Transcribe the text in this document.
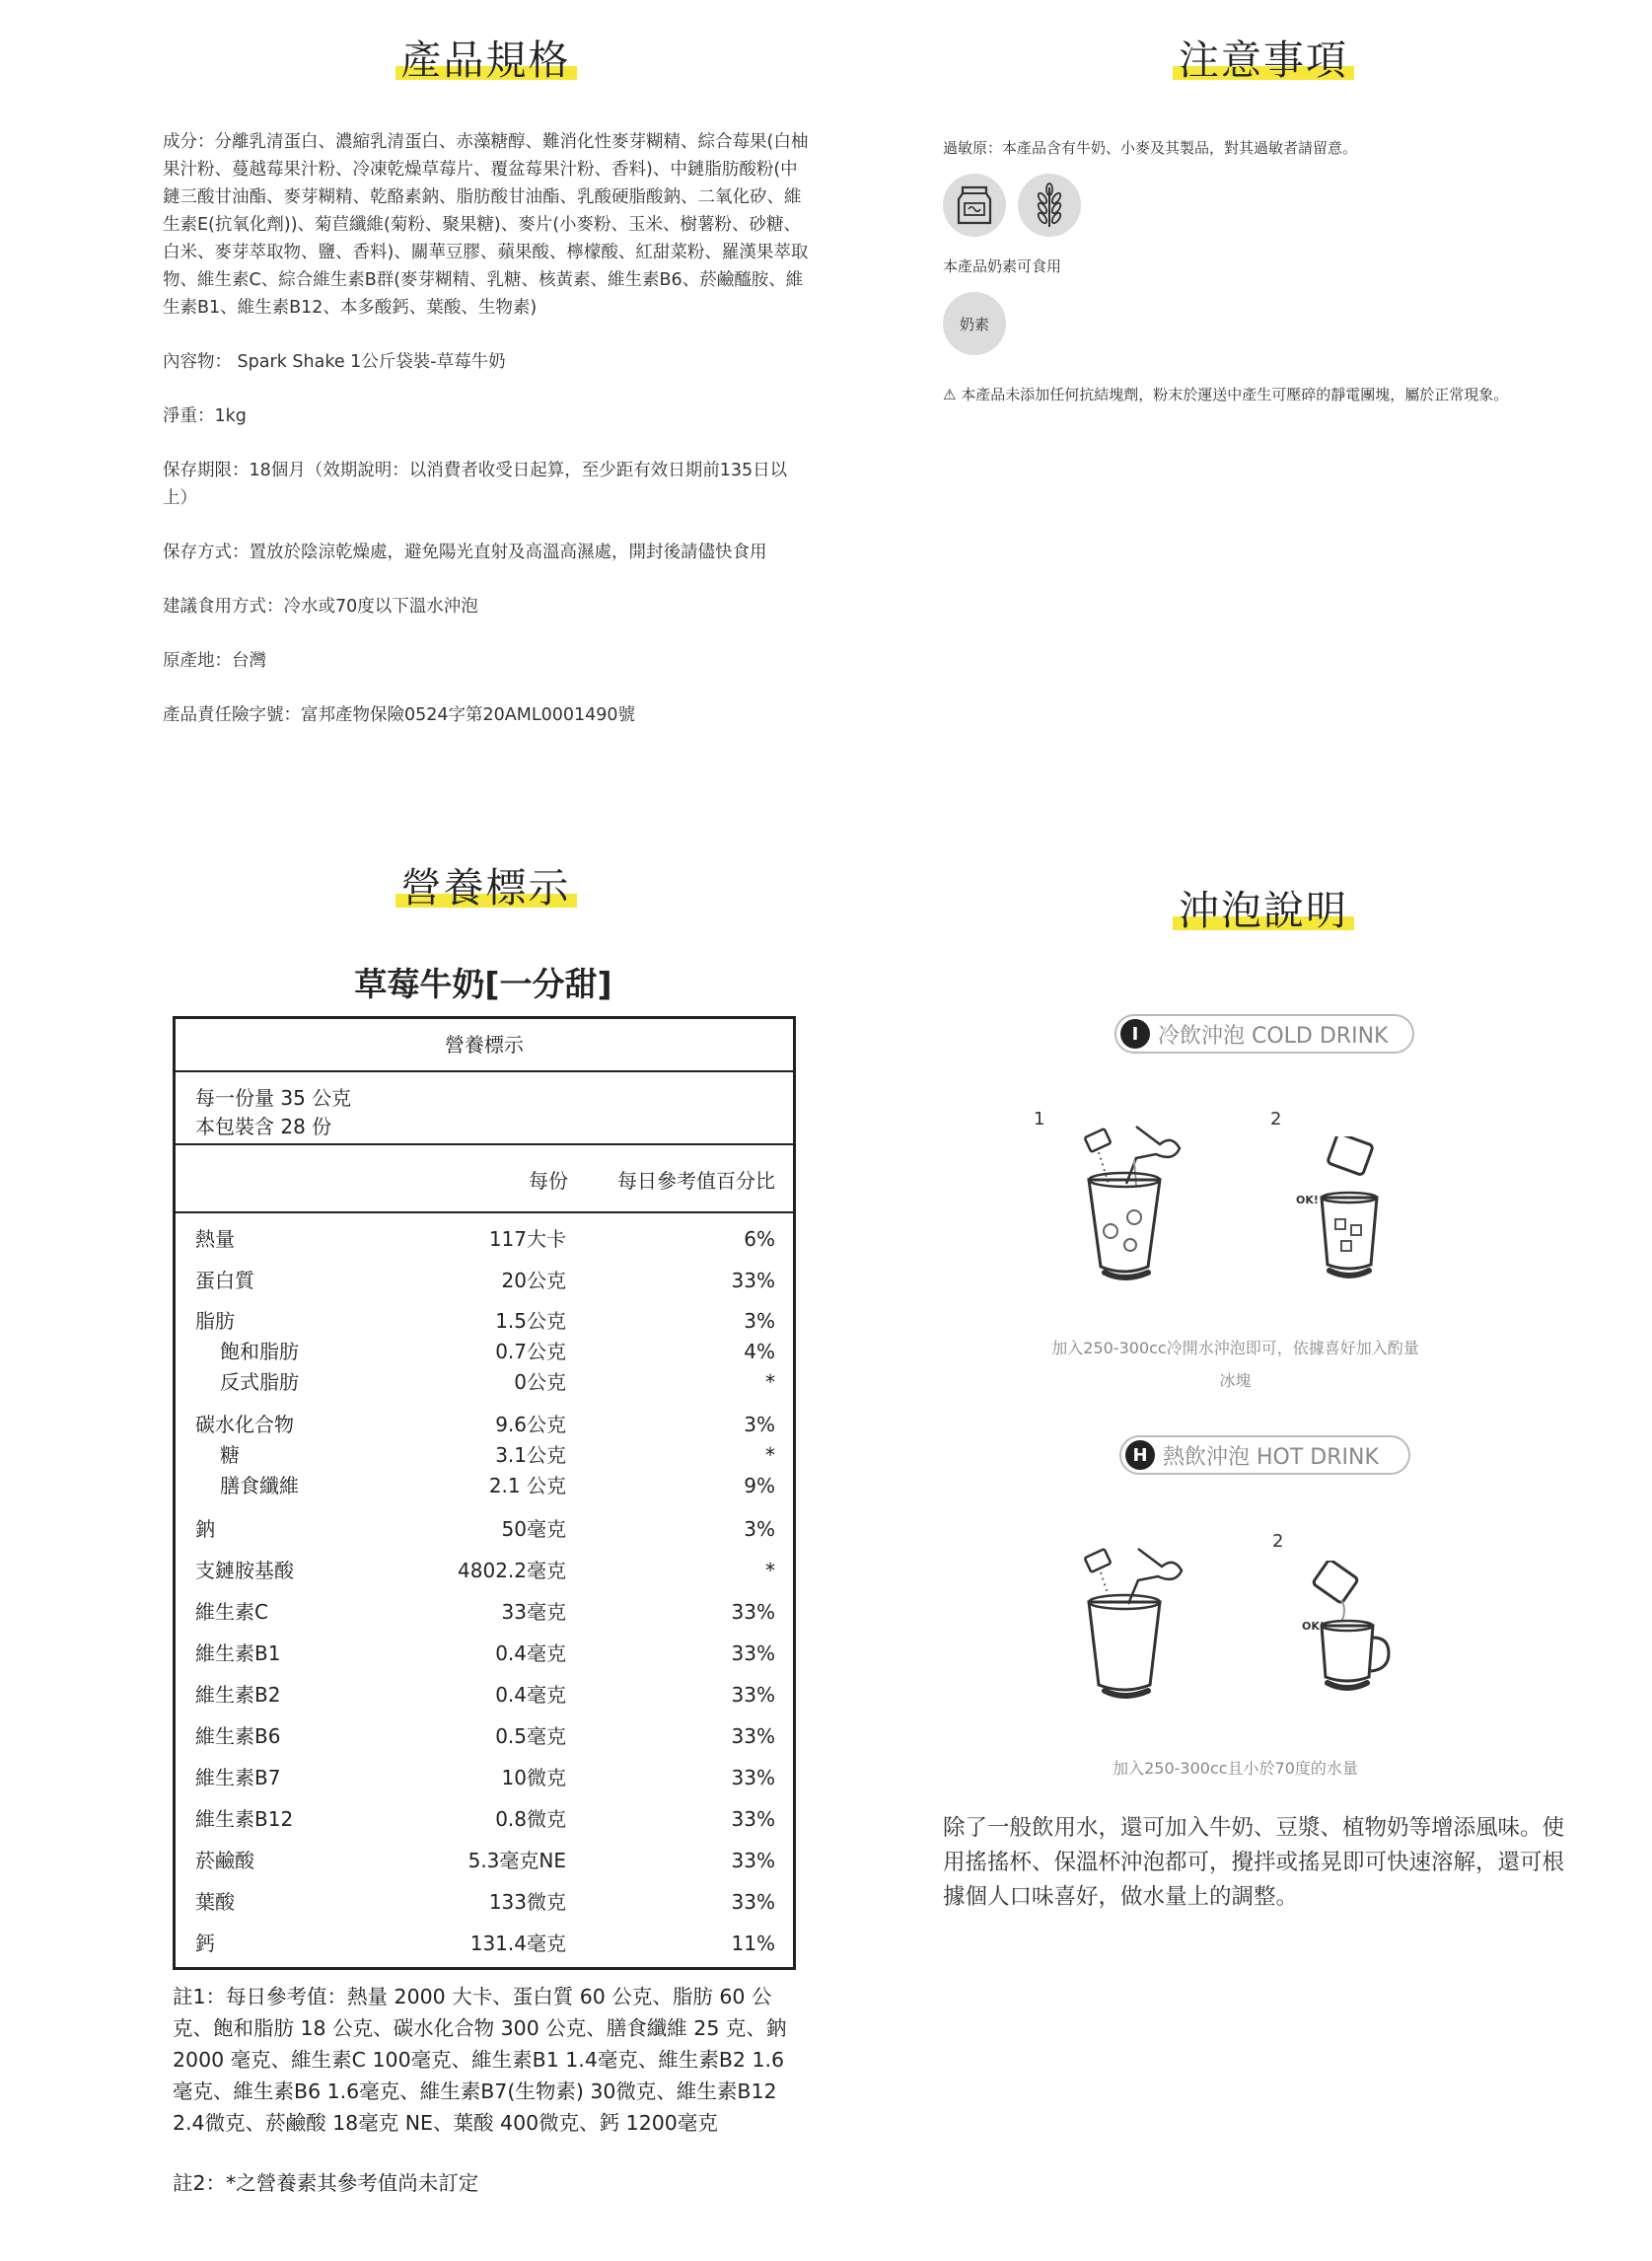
產品規格

成分：分離乳清蛋白、濃縮乳清蛋白、赤藻糖醇、難消化性麥芽糊精、綜合莓果(白柚果汁粉、蔓越莓果汁粉、冷凍乾燥草莓片、覆盆莓果汁粉、香料)、中鏈脂肪酸粉(中鏈三酸甘油酯、麥芽糊精、乾酪素鈉、脂肪酸甘油酯、乳酸硬脂酸鈉、二氧化矽、維生素E(抗氧化劑))、菊苣纖維(菊粉、聚果糖)、麥片(小麥粉、玉米、樹薯粉、砂糖、白米、麥芽萃取物、鹽、香料)、關華豆膠、蘋果酸、檸檬酸、紅甜菜粉、羅漢果萃取物、維生素C、綜合維生素B群(麥芽糊精、乳糖、核黃素、維生素B6、菸鹼醯胺、維生素B1、維生素B12、本多酸鈣、葉酸、生物素)

內容物： Spark Shake 1公斤袋裝-草莓牛奶

淨重：1kg

保存期限：18個月（效期說明：以消費者收受日起算，至少距有效日期前135日以上）

保存方式：置放於陰涼乾燥處，避免陽光直射及高溫高濕處，開封後請儘快食用

建議食用方式：冷水或70度以下溫水沖泡

原產地：台灣

產品責任險字號：富邦產物保險0524字第20AML0001490號

注意事項
過敏原：本產品含有牛奶、小麥及其製品，對其過敏者請留意。
本產品奶素可食用
奶素
⚠ 本產品未添加任何抗結塊劑，粉末於運送中產生可壓碎的靜電團塊，屬於正常現象。
營養標示
草莓牛奶[一分甜]
營養標示
每一份量 35 公克
本包裝含 28 份
每份	每日參考值百分比
熱量	117大卡	6%
蛋白質	20公克	33%
脂肪	1.5公克	3%
飽和脂肪	0.7公克	4%
反式脂肪	0公克	*
碳水化合物	9.6公克	3%
糖	3.1公克	*
膳食纖維	2.1 公克	9%
鈉	50毫克	3%
支鏈胺基酸	4802.2毫克	*
維生素C	33毫克	33%
維生素B1	0.4毫克	33%
維生素B2	0.4毫克	33%
維生素B6	0.5毫克	33%
維生素B7	10微克	33%
維生素B12	0.8微克	33%
菸鹼酸	5.3毫克NE	33%
葉酸	133微克	33%
鈣	131.4毫克	11%
註1：每日參考值：熱量 2000 大卡、蛋白質 60 公克、脂肪 60 公克、飽和脂肪 18 公克、碳水化合物 300 公克、膳食纖維 25 克、鈉 2000 毫克、維生素C 100毫克、維生素B1 1.4毫克、維生素B2 1.6毫克、維生素B6 1.6毫克、維生素B7(生物素) 30微克、維生素B12 2.4微克、菸鹼酸 18毫克 NE、葉酸 400微克、鈣 1200毫克
註2：*之營養素其參考值尚未訂定
沖泡說明
I 冷飲沖泡 COLD DRINK
1	2
OK!
加入250-300cc冷開水沖泡即可，依據喜好加入酌量冰塊
H 熱飲沖泡 HOT DRINK
2
OK!
加入250-300cc且小於70度的水量
除了一般飲用水，還可加入牛奶、豆漿、植物奶等增添風味。使用搖搖杯、保溫杯沖泡都可，攪拌或搖晃即可快速溶解，還可根據個人口味喜好，做水量上的調整。
